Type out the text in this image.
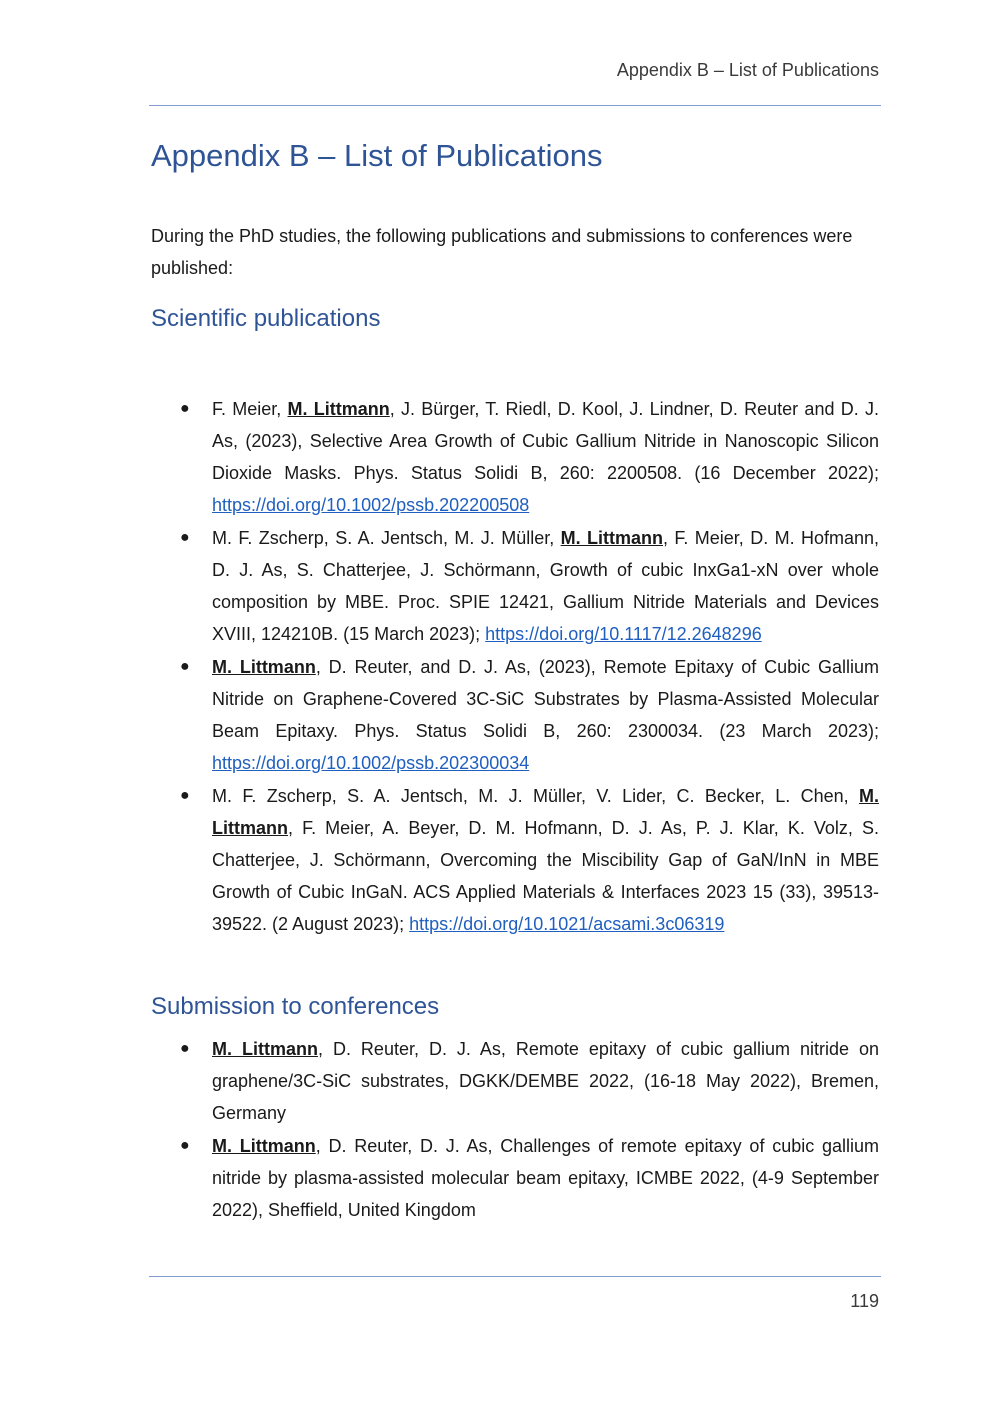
Appendix B – List of Publications
Appendix B – List of Publications

During the PhD studies, the following publications and submissions to conferences were published:

Scientific publications
● F. Meier, M. Littmann, J. Bürger, T. Riedl, D. Kool, J. Lindner, D. Reuter and D. J. As, (2023), Selective Area Growth of Cubic Gallium Nitride in Nanoscopic Silicon Dioxide Masks. Phys. Status Solidi B, 260: 2200508. (16 December 2022); https://doi.org/10.1002/pssb.202200508
● M. F. Zscherp, S. A. Jentsch, M. J. Müller, M. Littmann, F. Meier, D. M. Hofmann, D. J. As, S. Chatterjee, J. Schörmann, Growth of cubic InxGa1-xN over whole composition by MBE. Proc. SPIE 12421, Gallium Nitride Materials and Devices XVIII, 124210B. (15 March 2023); https://doi.org/10.1117/12.2648296
● M. Littmann, D. Reuter, and D. J. As, (2023), Remote Epitaxy of Cubic Gallium Nitride on Graphene-Covered 3C-SiC Substrates by Plasma-Assisted Molecular Beam Epitaxy. Phys. Status Solidi B, 260: 2300034. (23 March 2023); https://doi.org/10.1002/pssb.202300034
● M. F. Zscherp, S. A. Jentsch, M. J. Müller, V. Lider, C. Becker, L. Chen, M. Littmann, F. Meier, A. Beyer, D. M. Hofmann, D. J. As, P. J. Klar, K. Volz, S. Chatterjee, J. Schörmann, Overcoming the Miscibility Gap of GaN/InN in MBE Growth of Cubic InGaN. ACS Applied Materials & Interfaces 2023 15 (33), 39513-39522. (2 August 2023); https://doi.org/10.1021/acsami.3c06319
Submission to conferences
● M. Littmann, D. Reuter, D. J. As, Remote epitaxy of cubic gallium nitride on graphene/3C-SiC substrates, DGKK/DEMBE 2022, (16-18 May 2022), Bremen, Germany
● M. Littmann, D. Reuter, D. J. As, Challenges of remote epitaxy of cubic gallium nitride by plasma-assisted molecular beam epitaxy, ICMBE 2022, (4-9 September 2022), Sheffield, United Kingdom
119
